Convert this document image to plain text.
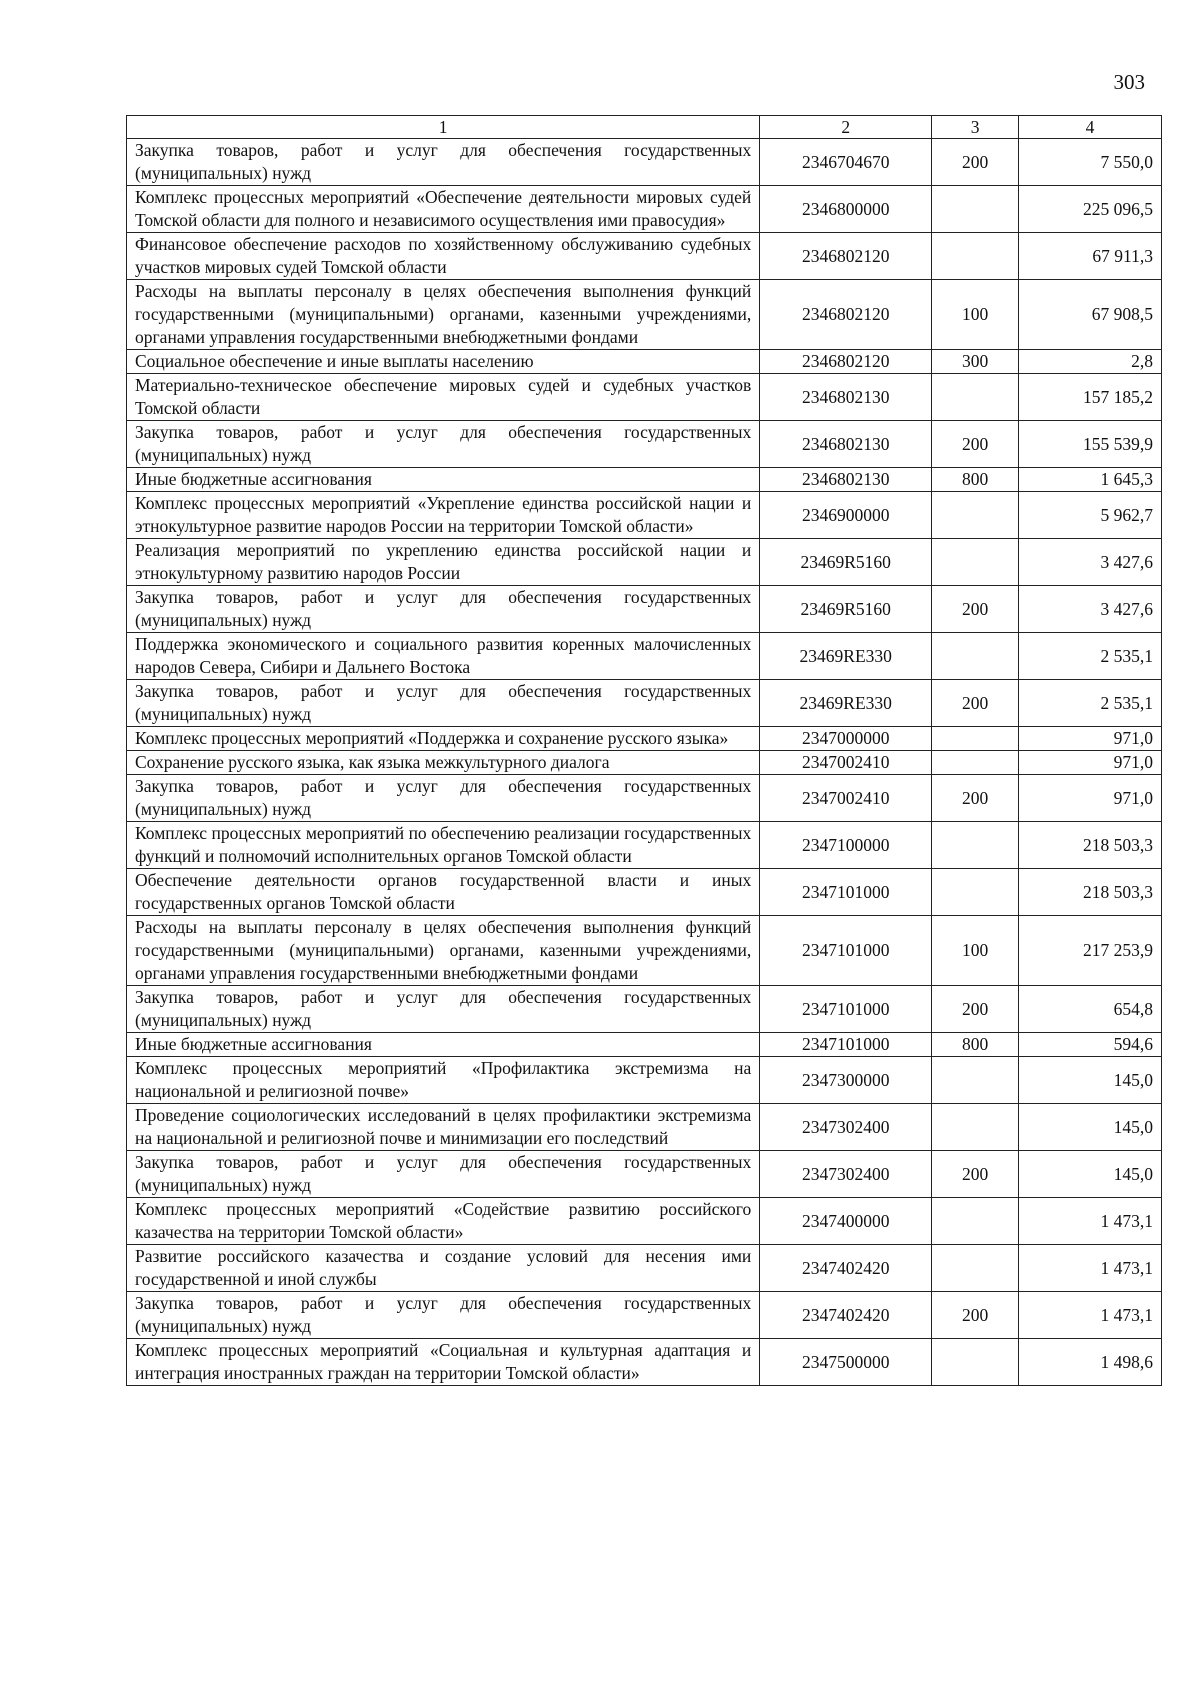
303
1	2	3	4
Закупка товаров, работ и услуг для обеспечения государственных (муниципальных) нужд	2346704670	200	7 550,0
Комплекс процессных мероприятий «Обеспечение деятельности мировых судей Томской области для полного и независимого осуществления ими правосудия»	2346800000		225 096,5
Финансовое обеспечение расходов по хозяйственному обслуживанию судебных участков мировых судей Томской области	2346802120		67 911,3
Расходы на выплаты персоналу в целях обеспечения выполнения функций государственными (муниципальными) органами, казенными учреждениями, органами управления государственными внебюджетными фондами	2346802120	100	67 908,5
Социальное обеспечение и иные выплаты населению	2346802120	300	2,8
Материально-техническое обеспечение мировых судей и судебных участков Томской области	2346802130		157 185,2
Закупка товаров, работ и услуг для обеспечения государственных (муниципальных) нужд	2346802130	200	155 539,9
Иные бюджетные ассигнования	2346802130	800	1 645,3
Комплекс процессных мероприятий «Укрепление единства российской нации и этнокультурное развитие народов России на территории Томской области»	2346900000		5 962,7
Реализация мероприятий по укреплению единства российской нации и этнокультурному развитию народов России	23469R5160		3 427,6
Закупка товаров, работ и услуг для обеспечения государственных (муниципальных) нужд	23469R5160	200	3 427,6
Поддержка экономического и социального развития коренных малочисленных народов Севера, Сибири и Дальнего Востока	23469RE330		2 535,1
Закупка товаров, работ и услуг для обеспечения государственных (муниципальных) нужд	23469RE330	200	2 535,1
Комплекс процессных мероприятий «Поддержка и сохранение русского языка»	2347000000		971,0
Сохранение русского языка, как языка межкультурного диалога	2347002410		971,0
Закупка товаров, работ и услуг для обеспечения государственных (муниципальных) нужд	2347002410	200	971,0
Комплекс процессных мероприятий по обеспечению реализации государственных функций и полномочий исполнительных органов Томской области	2347100000		218 503,3
Обеспечение деятельности органов государственной власти и иных государственных органов Томской области	2347101000		218 503,3
Расходы на выплаты персоналу в целях обеспечения выполнения функций государственными (муниципальными) органами, казенными учреждениями, органами управления государственными внебюджетными фондами	2347101000	100	217 253,9
Закупка товаров, работ и услуг для обеспечения государственных (муниципальных) нужд	2347101000	200	654,8
Иные бюджетные ассигнования	2347101000	800	594,6
Комплекс процессных мероприятий «Профилактика экстремизма на национальной и религиозной почве»	2347300000		145,0
Проведение социологических исследований в целях профилактики экстремизма на национальной и религиозной почве и минимизации его последствий	2347302400		145,0
Закупка товаров, работ и услуг для обеспечения государственных (муниципальных) нужд	2347302400	200	145,0
Комплекс процессных мероприятий «Содействие развитию российского казачества на территории Томской области»	2347400000		1 473,1
Развитие российского казачества и создание условий для несения ими государственной и иной службы	2347402420		1 473,1
Закупка товаров, работ и услуг для обеспечения государственных (муниципальных) нужд	2347402420	200	1 473,1
Комплекс процессных мероприятий «Социальная и культурная адаптация и интеграция иностранных граждан на территории Томской области»	2347500000		1 498,6
